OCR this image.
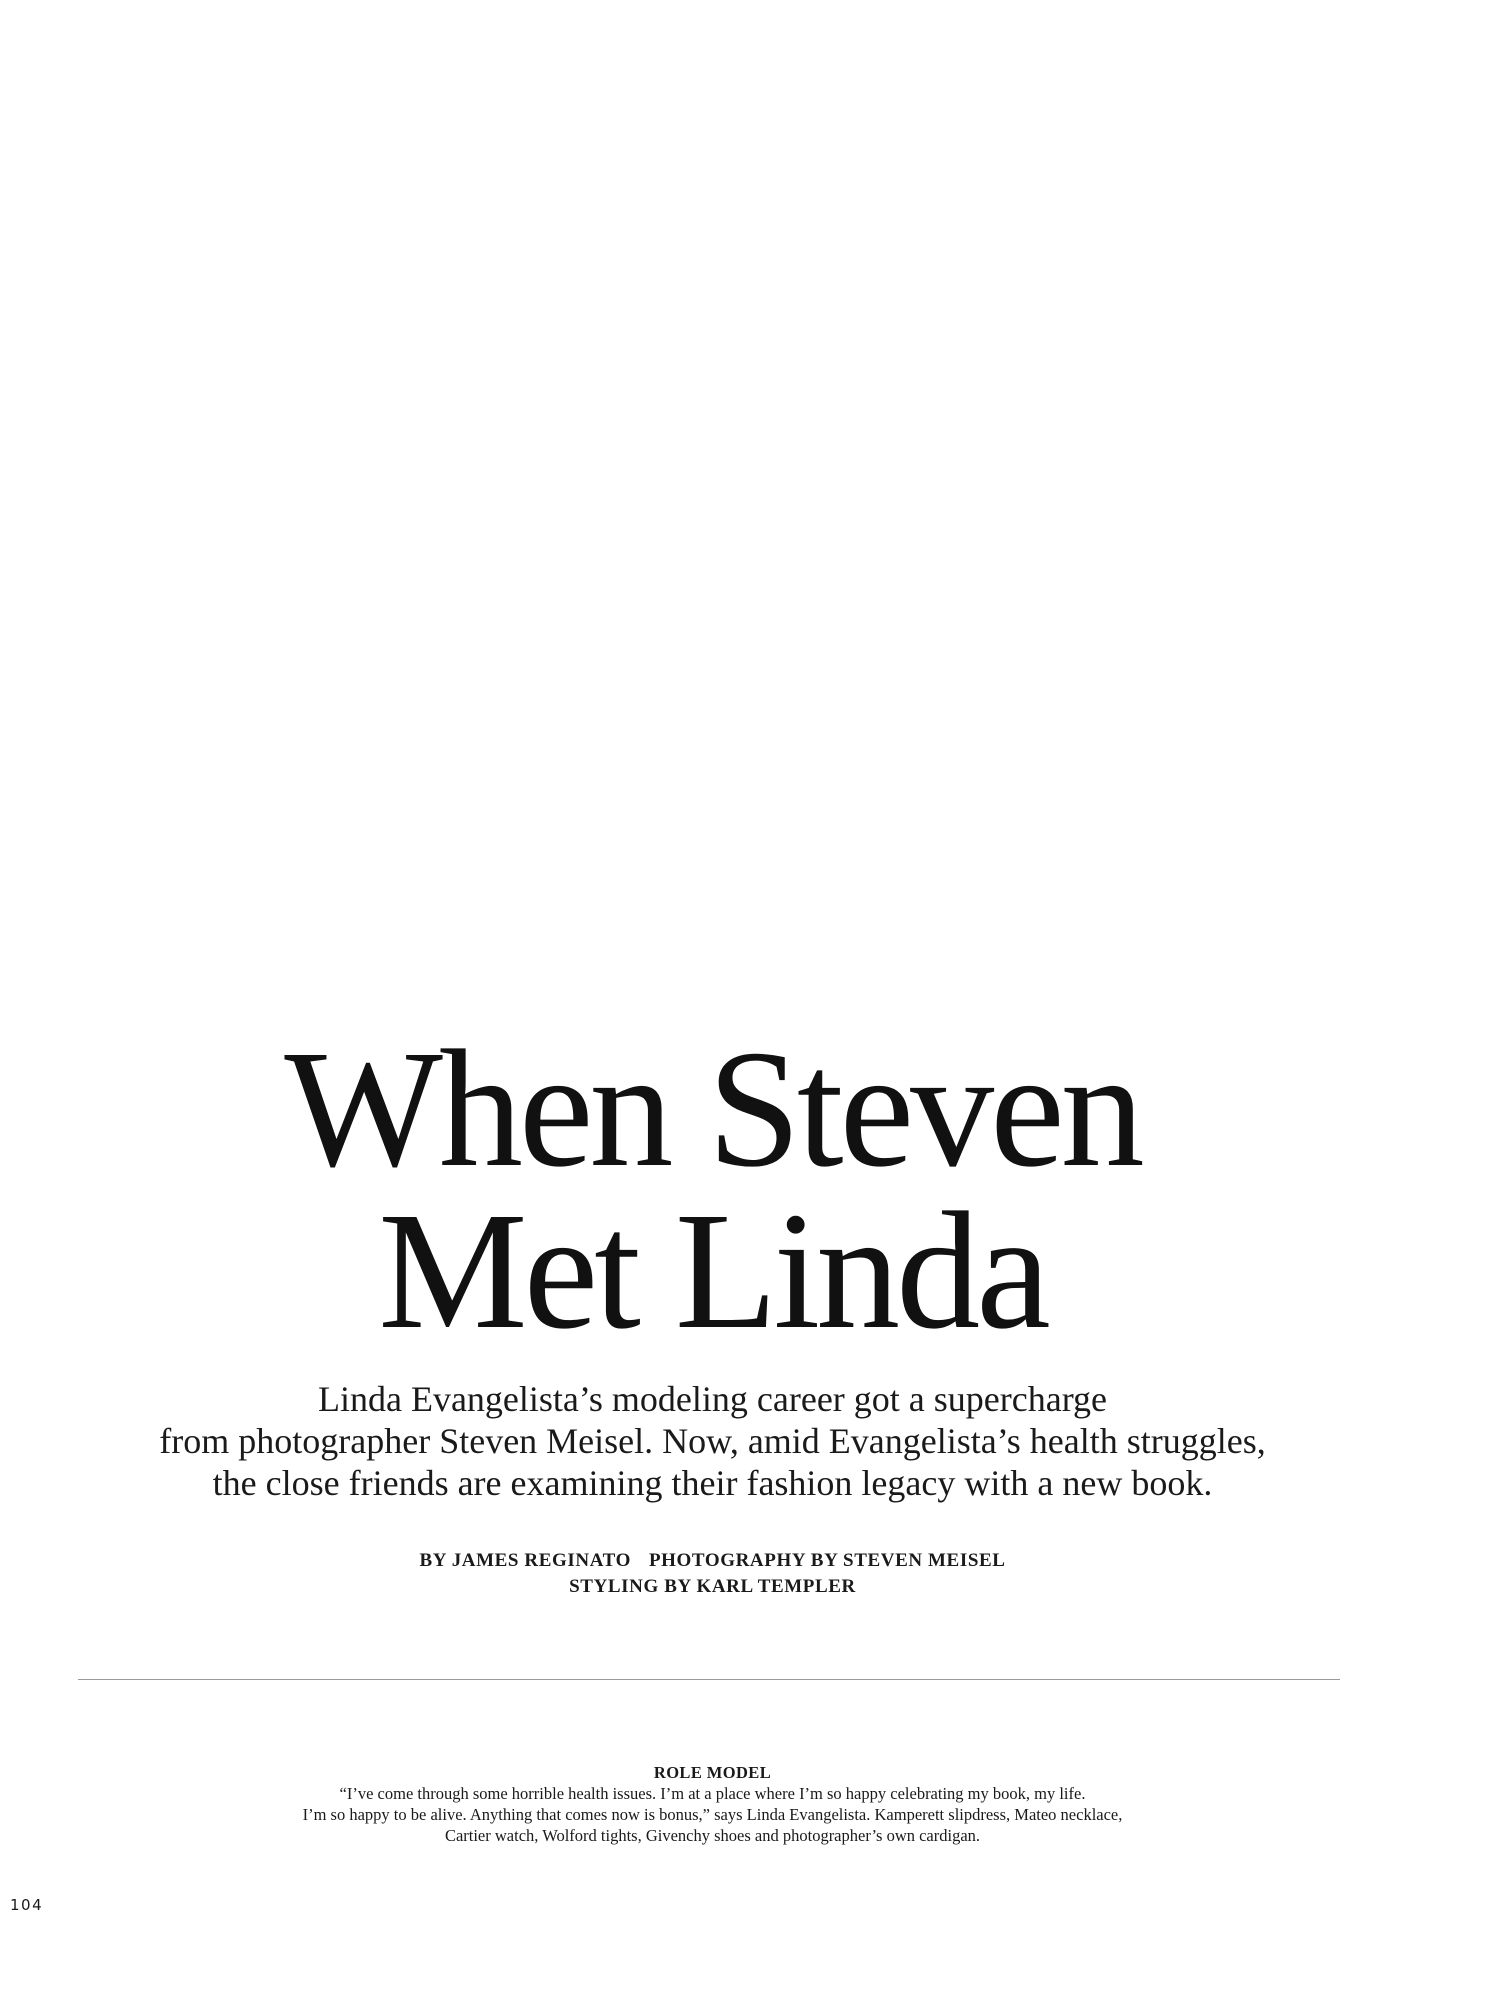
When Steven
Met Linda

Linda Evangelista’s modeling career got a supercharge
from photographer Steven Meisel. Now, amid Evangelista’s health struggles,
the close friends are examining their fashion legacy with a new book.

BY JAMES REGINATO PHOTOGRAPHY BY STEVEN MEISEL
STYLING BY KARL TEMPLER
ROLE MODEL
“I’ve come through some horrible health issues. I’m at a place where I’m so happy celebrating my book, my life.
I’m so happy to be alive. Anything that comes now is bonus,” says Linda Evangelista. Kamperett slipdress, Mateo necklace,
Cartier watch, Wolford tights, Givenchy shoes and photographer’s own cardigan.
104
